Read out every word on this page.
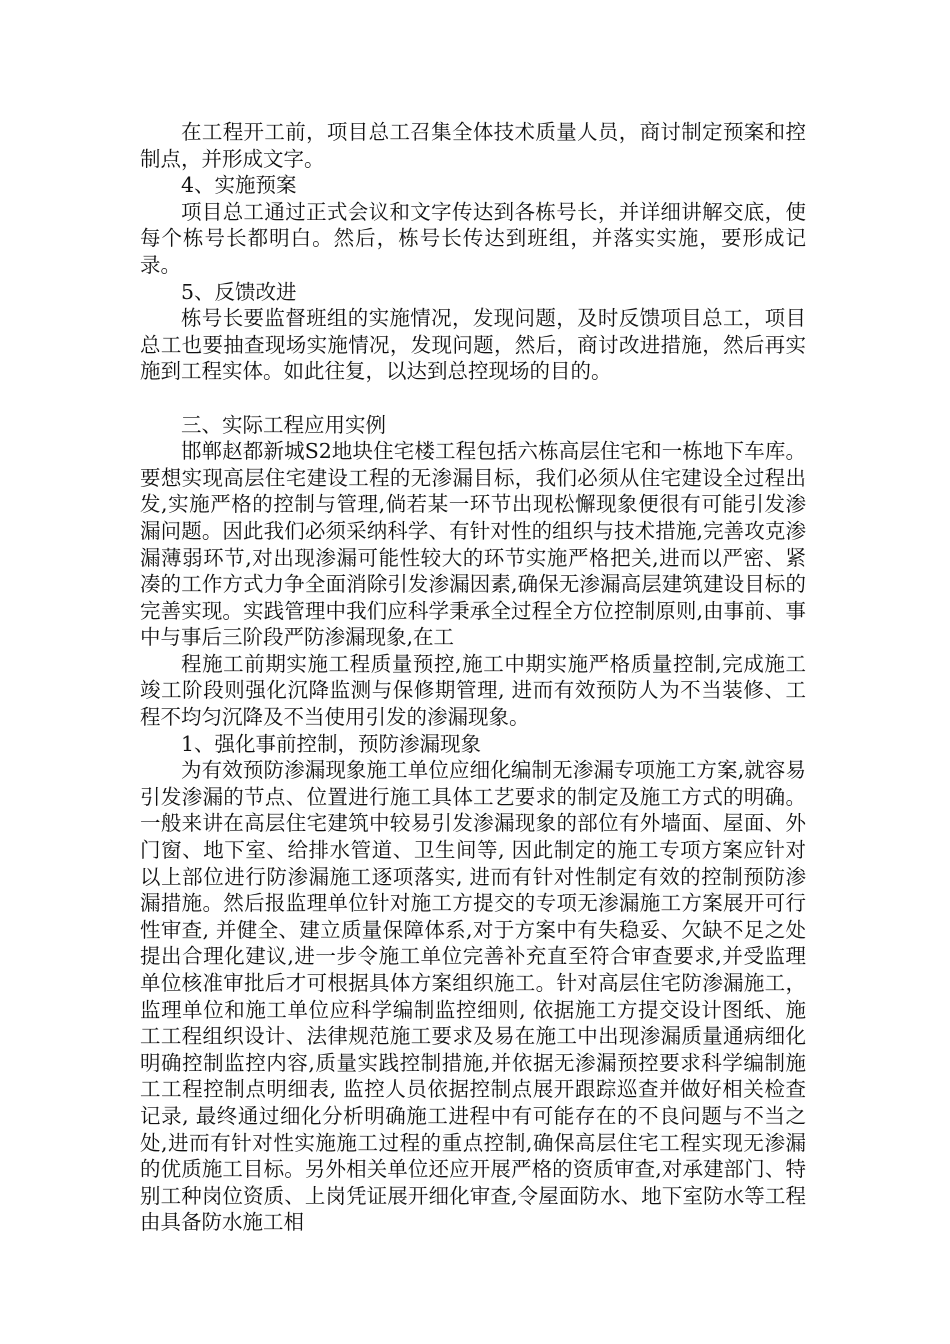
在工程开工前，项目总工召集全体技术质量人员，商讨制定预案和控制点，并形成文字。

4、实施预案

项目总工通过正式会议和文字传达到各栋号长，并详细讲解交底，使每个栋号长都明白。然后，栋号长传达到班组，并落实实施，要形成记录。

5、反馈改进

栋号长要监督班组的实施情况，发现问题，及时反馈项目总工，项目总工也要抽查现场实施情况，发现问题，然后，商讨改进措施，然后再实施到工程实体。如此往复，以达到总控现场的目的。

三、实际工程应用实例

邯郸赵都新城S2地块住宅楼工程包括六栋高层住宅和一栋地下车库。要想实现高层住宅建设工程的无渗漏目标，我们必须从住宅建设全过程出发,实施严格的控制与管理,倘若某一环节出现松懈现象便很有可能引发渗漏问题。因此我们必须采纳科学、有针对性的组织与技术措施,完善攻克渗漏薄弱环节,对出现渗漏可能性较大的环节实施严格把关,进而以严密、紧凑的工作方式力争全面消除引发渗漏因素,确保无渗漏高层建筑建设目标的完善实现。实践管理中我们应科学秉承全过程全方位控制原则,由事前、事中与事后三阶段严防渗漏现象,在工

程施工前期实施工程质量预控,施工中期实施严格质量控制,完成施工竣工阶段则强化沉降监测与保修期管理, 进而有效预防人为不当装修、工程不均匀沉降及不当使用引发的渗漏现象。

1、强化事前控制，预防渗漏现象

为有效预防渗漏现象施工单位应细化编制无渗漏专项施工方案,就容易引发渗漏的节点、位置进行施工具体工艺要求的制定及施工方式的明确。一般来讲在高层住宅建筑中较易引发渗漏现象的部位有外墙面、屋面、外门窗、地下室、给排水管道、卫生间等, 因此制定的施工专项方案应针对以上部位进行防渗漏施工逐项落实, 进而有针对性制定有效的控制预防渗漏措施。然后报监理单位针对施工方提交的专项无渗漏施工方案展开可行性审查, 并健全、建立质量保障体系,对于方案中有失稳妥、欠缺不足之处提出合理化建议,进一步令施工单位完善补充直至符合审查要求,并受监理单位核准审批后才可根据具体方案组织施工。针对高层住宅防渗漏施工，监理单位和施工单位应科学编制监控细则, 依据施工方提交设计图纸、施工工程组织设计、法律规范施工要求及易在施工中出现渗漏质量通病细化明确控制监控内容,质量实践控制措施,并依据无渗漏预控要求科学编制施工工程控制点明细表, 监控人员依据控制点展开跟踪巡查并做好相关检查记录, 最终通过细化分析明确施工进程中有可能存在的不良问题与不当之处,进而有针对性实施施工过程的重点控制,确保高层住宅工程实现无渗漏的优质施工目标。另外相关单位还应开展严格的资质审查,对承建部门、特别工种岗位资质、上岗凭证展开细化审查,令屋面防水、地下室防水等工程由具备防水施工相
